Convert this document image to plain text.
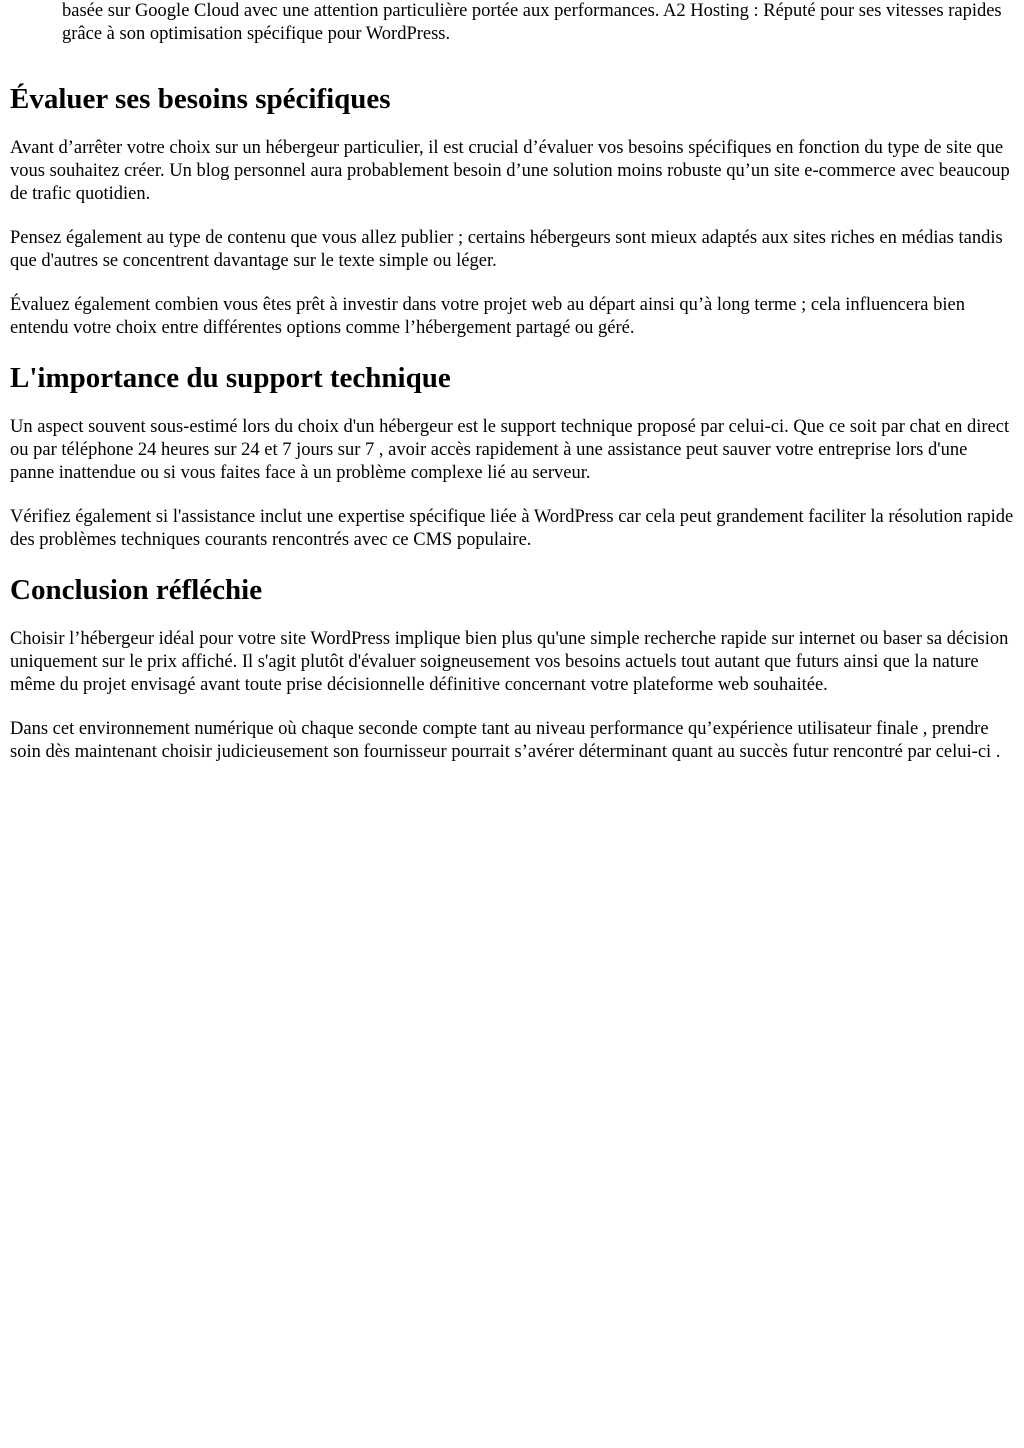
basée sur Google Cloud avec une attention particulière portée aux performances. A2 Hosting : Réputé pour ses vitesses rapides grâce à son optimisation spécifique pour WordPress.

Évaluer ses besoins spécifiques

Avant d’arrêter votre choix sur un hébergeur particulier, il est crucial d’évaluer vos besoins spécifiques en fonction du type de site que vous souhaitez créer. Un blog personnel aura probablement besoin d’une solution moins robuste qu’un site e-commerce avec beaucoup de trafic quotidien.

Pensez également au type de contenu que vous allez publier ; certains hébergeurs sont mieux adaptés aux sites riches en médias tandis que d'autres se concentrent davantage sur le texte simple ou léger.

Évaluez également combien vous êtes prêt à investir dans votre projet web au départ ainsi qu’à long terme ; cela influencera bien entendu votre choix entre différentes options comme l’hébergement partagé ou géré.

L'importance du support technique

Un aspect souvent sous-estimé lors du choix d'un hébergeur est le support technique proposé par celui-ci. Que ce soit par chat en direct ou par téléphone 24 heures sur 24 et 7 jours sur 7 , avoir accès rapidement à une assistance peut sauver votre entreprise lors d'une panne inattendue ou si vous faites face à un problème complexe lié au serveur.

Vérifiez également si l'assistance inclut une expertise spécifique liée à WordPress car cela peut grandement faciliter la résolution rapide des problèmes techniques courants rencontrés avec ce CMS populaire.

Conclusion réfléchie

Choisir l’hébergeur idéal pour votre site WordPress implique bien plus qu'une simple recherche rapide sur internet ou baser sa décision uniquement sur le prix affiché. Il s'agit plutôt d'évaluer soigneusement vos besoins actuels tout autant que futurs ainsi que la nature même du projet envisagé avant toute prise décisionnelle définitive concernant votre plateforme web souhaitée.

Dans cet environnement numérique où chaque seconde compte tant au niveau performance qu’expérience utilisateur finale , prendre soin dès maintenant choisir judicieusement son fournisseur pourrait s’avérer déterminant quant au succès futur rencontré par celui-ci .
